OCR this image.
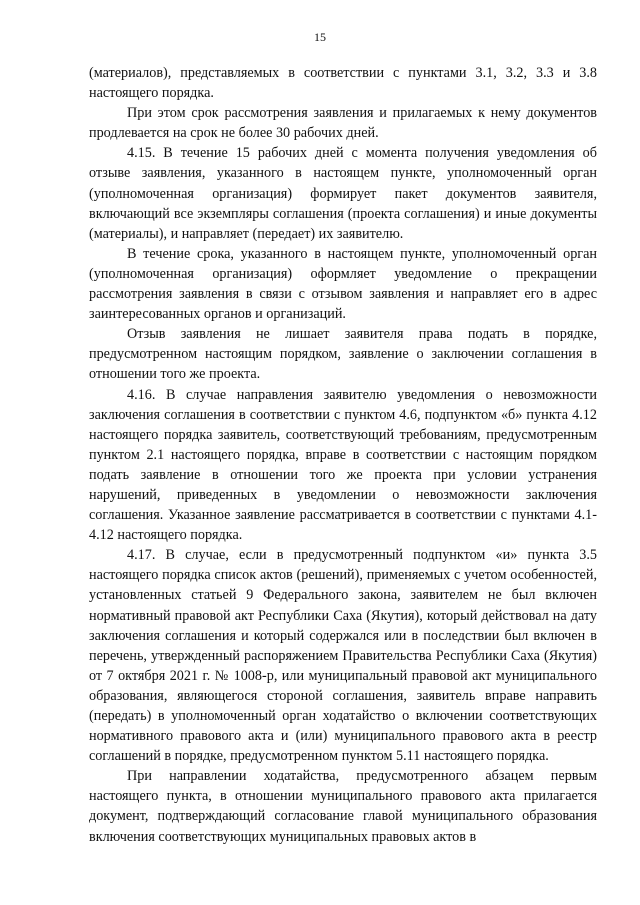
15

(материалов), представляемых в соответствии с пунктами 3.1, 3.2, 3.3 и 3.8 настоящего порядка.

При этом срок рассмотрения заявления и прилагаемых к нему документов продлевается на срок не более 30 рабочих дней.

4.15. В течение 15 рабочих дней с момента получения уведомления об отзыве заявления, указанного в настоящем пункте, уполномоченный орган (уполномоченная организация) формирует пакет документов заявителя, включающий все экземпляры соглашения (проекта соглашения) и иные документы (материалы), и направляет (передает) их заявителю.

В течение срока, указанного в настоящем пункте, уполномоченный орган (уполномоченная организация) оформляет уведомление о прекращении рассмотрения заявления в связи с отзывом заявления и направляет его в адрес заинтересованных органов и организаций.

Отзыв заявления не лишает заявителя права подать в порядке, предусмотренном настоящим порядком, заявление о заключении соглашения в отношении того же проекта.

4.16. В случае направления заявителю уведомления о невозможности заключения соглашения в соответствии с пунктом 4.6, подпунктом «б» пункта 4.12 настоящего порядка заявитель, соответствующий требованиям, предусмотренным пунктом 2.1 настоящего порядка, вправе в соответствии с настоящим порядком подать заявление в отношении того же проекта при условии устранения нарушений, приведенных в уведомлении о невозможности заключения соглашения. Указанное заявление рассматривается в соответствии с пунктами 4.1-4.12 настоящего порядка.

4.17. В случае, если в предусмотренный подпунктом «и» пункта 3.5 настоящего порядка список актов (решений), применяемых с учетом особенностей, установленных статьей 9 Федерального закона, заявителем не был включен нормативный правовой акт Республики Саха (Якутия), который действовал на дату заключения соглашения и который содержался или в последствии был включен в перечень, утвержденный распоряжением Правительства Республики Саха (Якутия) от 7 октября 2021 г. № 1008-р, или муниципальный правовой акт муниципального образования, являющегося стороной соглашения, заявитель вправе направить (передать) в уполномоченный орган ходатайство о включении соответствующих нормативного правового акта и (или) муниципального правового акта в реестр соглашений в порядке, предусмотренном пунктом 5.11 настоящего порядка.

При направлении ходатайства, предусмотренного абзацем первым настоящего пункта, в отношении муниципального правового акта прилагается документ, подтверждающий согласование главой муниципального образования включения соответствующих муниципальных правовых актов в
